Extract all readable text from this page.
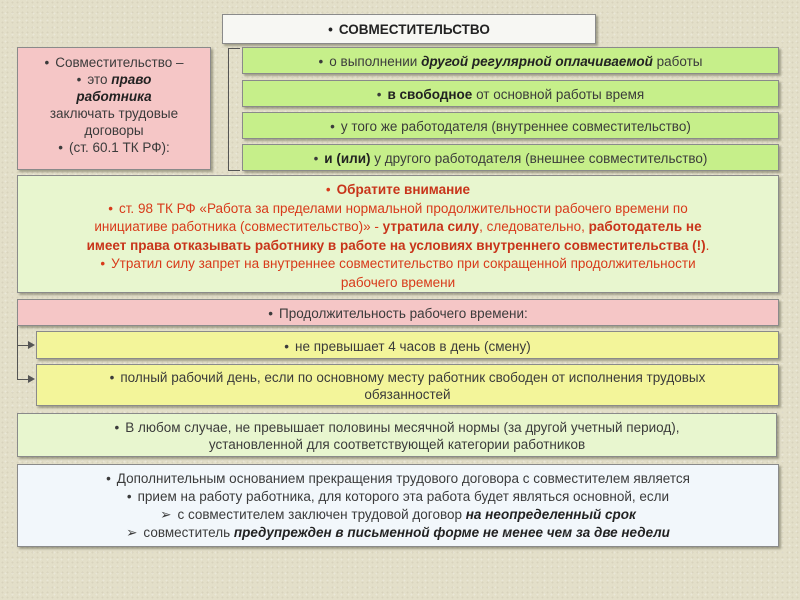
• СОВМЕСТИТЕЛЬСТВО
• Совместительство –
• это право
работника
заключать трудовые
договоры
• (ст. 60.1 ТК РФ):
• о выполнении другой регулярной оплачиваемой работы
• в свободное от основной работы время
• у того же работодателя (внутреннее совместительство)
• и (или) у другого работодателя (внешнее совместительство)
• Обратите внимание
• ст. 98 ТК РФ «Работа за пределами нормальной продолжительности рабочего времени по
инициативе работника (совместительство)» - утратила силу, следовательно, работодатель не
имеет права отказывать работнику в работе на условиях внутреннего совместительства (!).
• Утратил силу запрет на внутреннее совместительство при сокращенной продолжительности
рабочего времени
• Продолжительность рабочего времени:
• не превышает 4 часов в день (смену)
• полный рабочий день, если по основному месту работник свободен от исполнения трудовых
обязанностей
• В любом случае, не превышает половины месячной нормы (за другой учетный период),
установленной для соответствующей категории работников
• Дополнительным основанием прекращения трудового договора с совместителем является
• прием на работу работника, для которого эта работа будет являться основной, если
➢ с совместителем заключен трудовой договор на неопределенный срок
➢ совместитель предупрежден в письменной форме не менее чем за две недели
